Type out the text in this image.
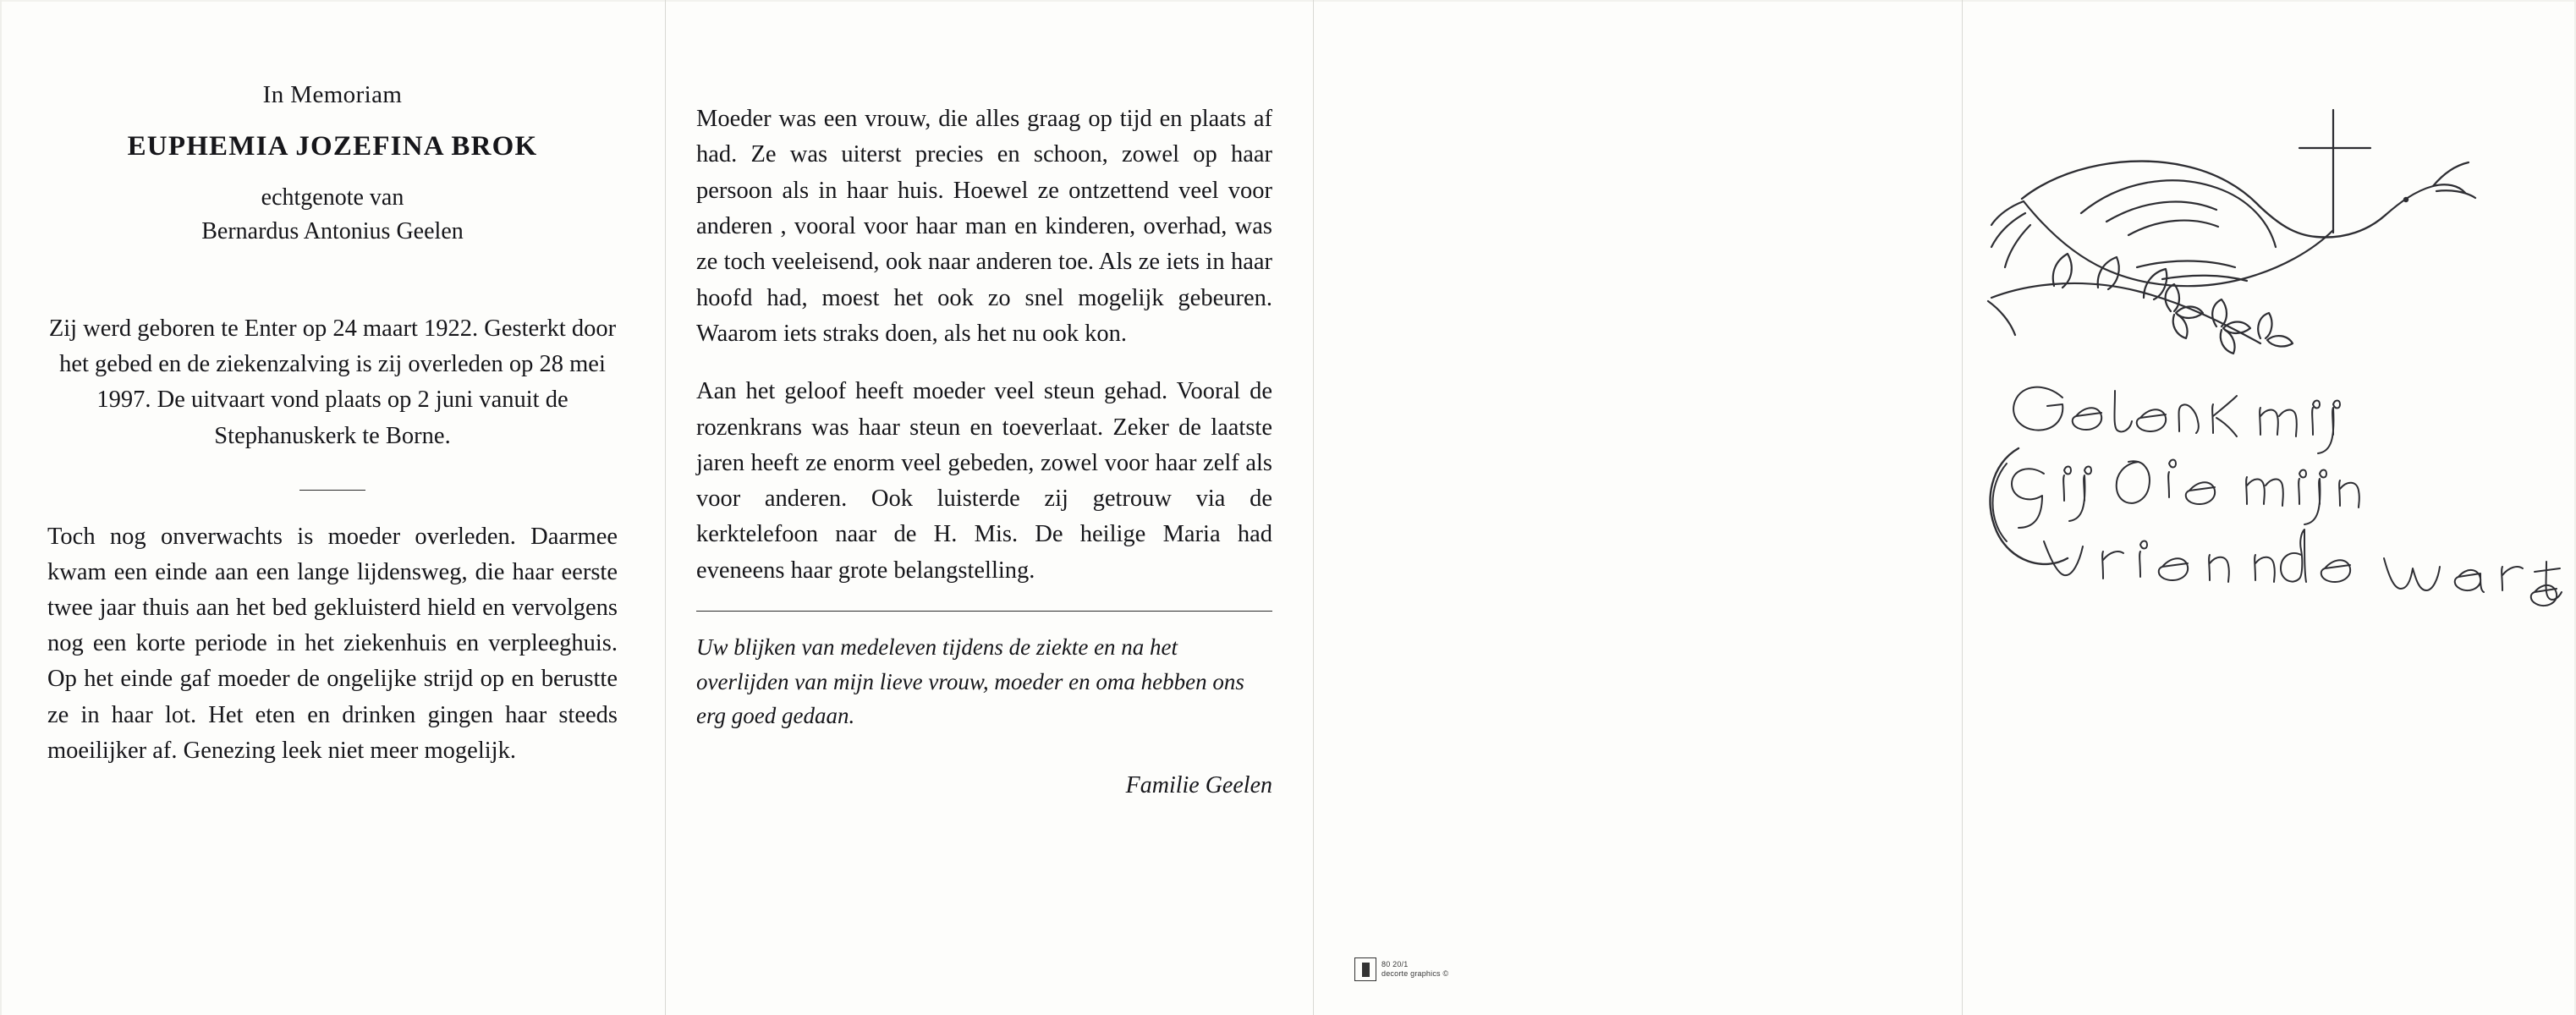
In Memoriam
EUPHEMIA JOZEFINA BROK
echtgenote van
Bernardus Antonius Geelen
Zij werd geboren te Enter op 24 maart 1922. Gesterkt door het gebed en de ziekenzalving is zij overleden op 28 mei 1997. De uitvaart vond plaats op 2 juni vanuit de Stephanuskerk te Borne.

Toch nog onverwachts is moeder overleden. Daarmee kwam een einde aan een lange lijdensweg, die haar eerste twee jaar thuis aan het bed gekluisterd hield en vervolgens nog een korte periode in het ziekenhuis en verpleeghuis. Op het einde gaf moeder de ongelijke strijd op en berustte ze in haar lot. Het eten en drinken gingen haar steeds moeilijker af. Genezing leek niet meer mogelijk.

Moeder was een vrouw, die alles graag op tijd en plaats af had. Ze was uiterst precies en schoon, zowel op haar persoon als in haar huis. Hoewel ze ontzettend veel voor anderen , vooral voor haar man en kinderen, overhad, was ze toch veeleisend, ook naar anderen toe. Als ze iets in haar hoofd had, moest het ook zo snel mogelijk gebeuren. Waarom iets straks doen, als het nu ook kon.

Aan het geloof heeft moeder veel steun gehad. Vooral de rozenkrans was haar steun en toeverlaat. Zeker de laatste jaren heeft ze enorm veel gebeden, zowel voor haar zelf als voor anderen. Ook luisterde zij getrouw via de kerktelefoon naar de H. Mis. De heilige Maria had eveneens haar grote belangstelling.

Uw blijken van medeleven tijdens de ziekte en na het overlijden van mijn lieve vrouw, moeder en oma hebben ons erg goed gedaan.

Familie Geelen
80 20/1
decorte graphics ©
